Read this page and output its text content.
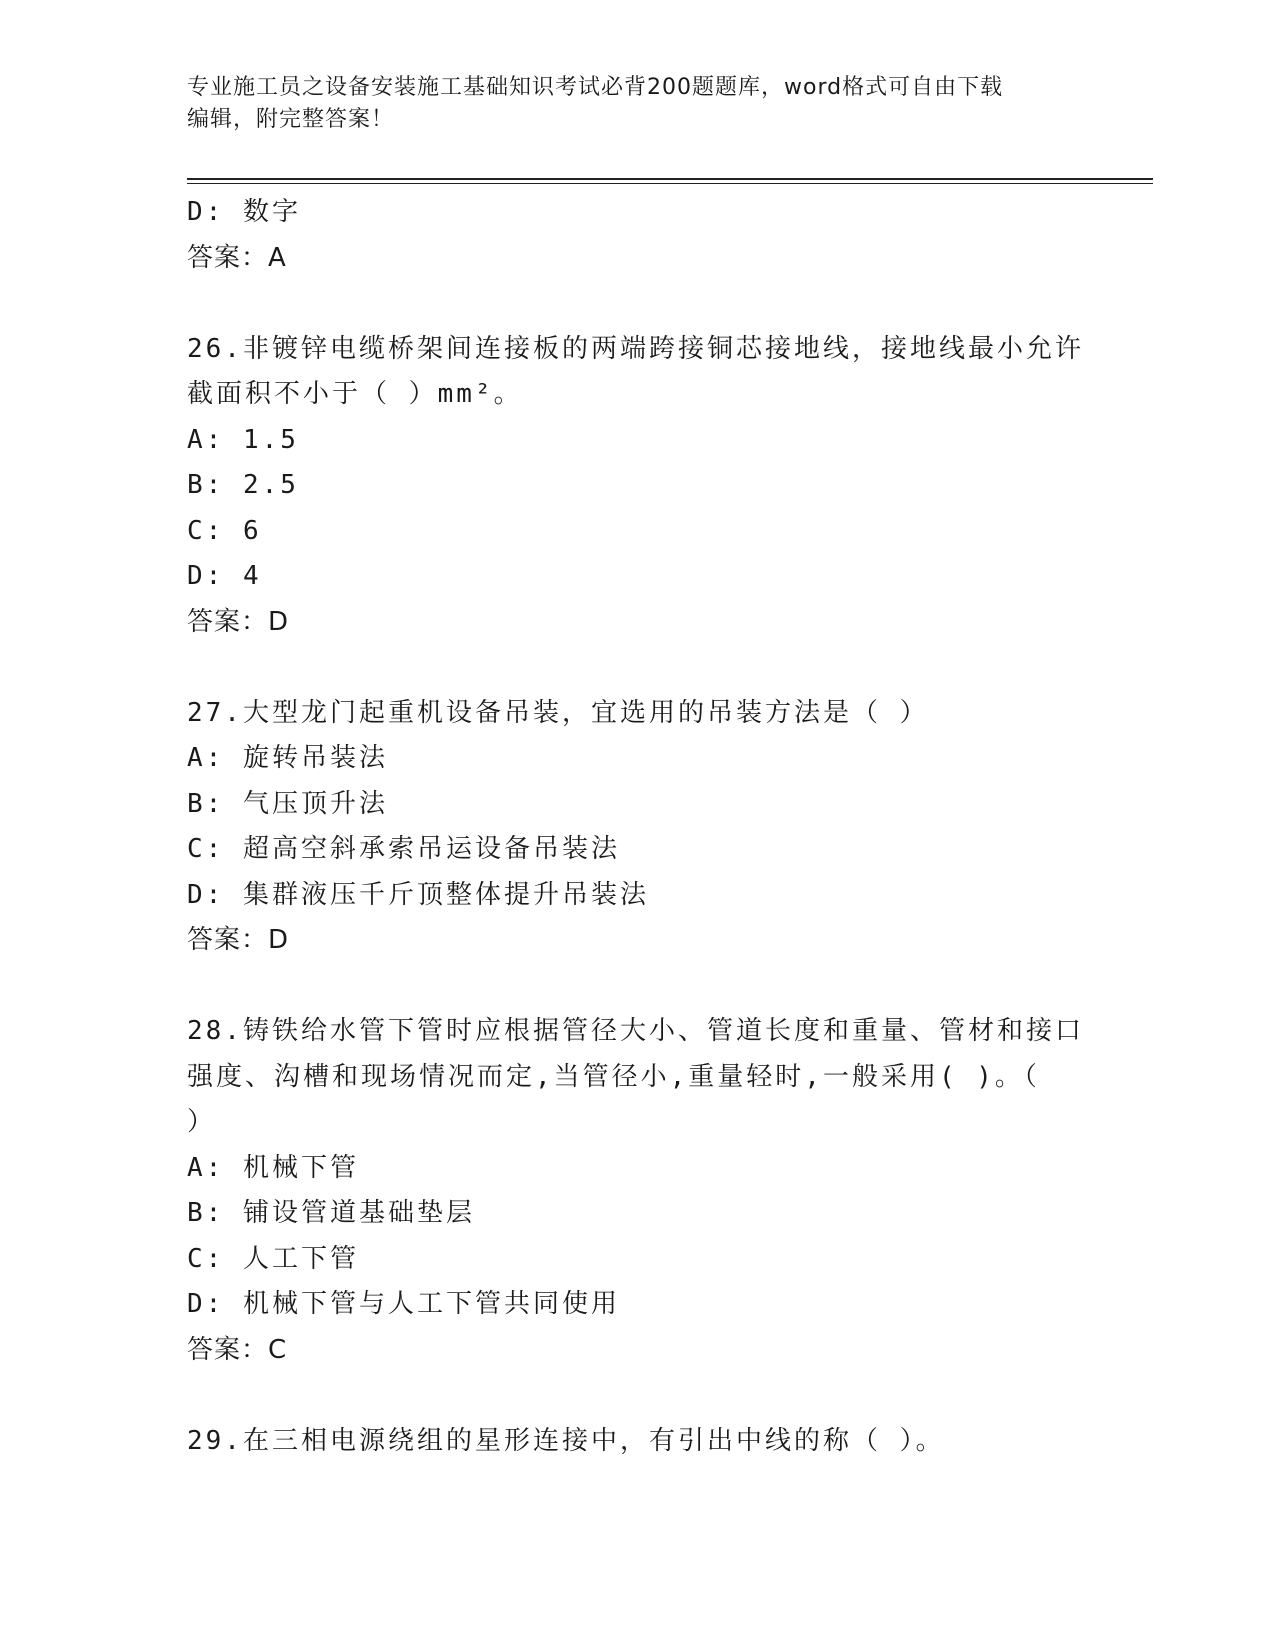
专业施工员之设备安装施工基础知识考试必背200题题库，word格式可自由下载
编辑，附完整答案！
D: 数字
答案：A
26.非镀锌电缆桥架间连接板的两端跨接铜芯接地线，接地线最小允许
截面积不小于（ ）mm²。
A: 1.5
B: 2.5
C: 6
D: 4
答案：D
27.大型龙门起重机设备吊装，宜选用的吊装方法是（ ）
A: 旋转吊装法
B: 气压顶升法
C: 超高空斜承索吊运设备吊装法
D: 集群液压千斤顶整体提升吊装法
答案：D
28.铸铁给水管下管时应根据管径大小、管道长度和重量、管材和接口
强度、沟槽和现场情况而定,当管径小,重量轻时,一般采用( )。（
）
A: 机械下管
B: 铺设管道基础垫层
C: 人工下管
D: 机械下管与人工下管共同使用
答案：C
29.在三相电源绕组的星形连接中，有引出中线的称（ ）。
